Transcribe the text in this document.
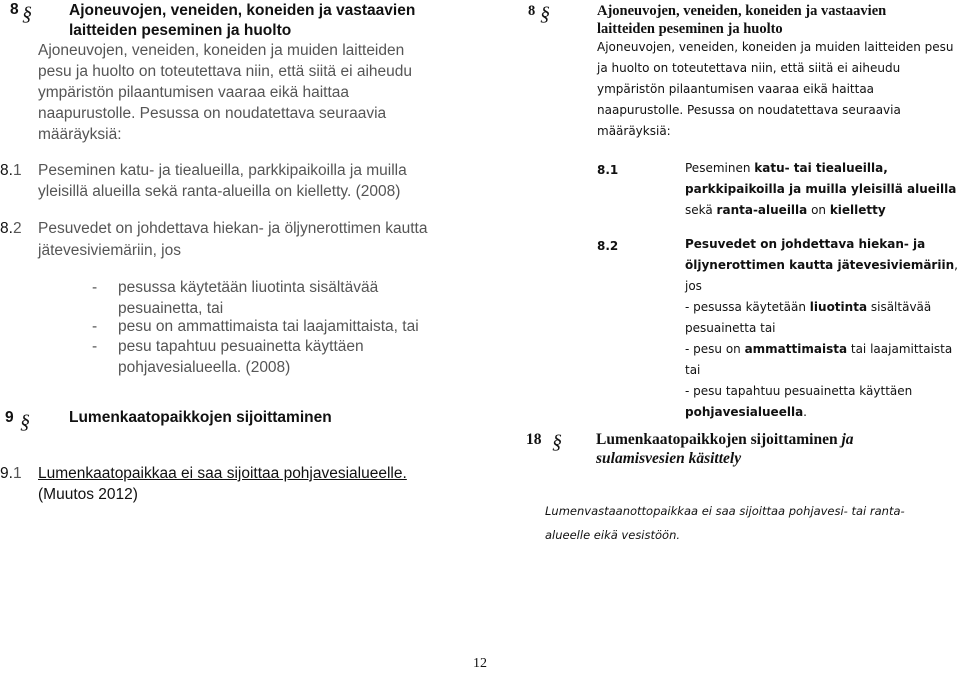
8 § Ajoneuvojen, veneiden, koneiden ja vastaavien
laitteiden peseminen ja huolto
Ajoneuvojen, veneiden, koneiden ja muiden laitteiden
pesu ja huolto on toteutettava niin, että siitä ei aiheudu
ympäristön pilaantumisen vaaraa eikä haittaa
naapurustolle. Pesussa on noudatettava seuraavia
määräyksiä:
8.1 Peseminen katu- ja tiealueilla, parkkipaikoilla ja muilla
yleisillä alueilla sekä ranta-alueilla on kielletty. (2008)
8.2 Pesuvedet on johdettava hiekan- ja öljynerottimen kautta
jätevesiviemäriin, jos
- pesussa käytetään liuotinta sisältävää
pesuainetta, tai
- pesu on ammattimaista tai laajamittaista, tai
- pesu tapahtuu pesuainetta käyttäen
pohjavesialueella. (2008)
9 §	Lumenkaatopaikkojen sijoittaminen
9.1 Lumenkaatopaikkaa ei saa sijoittaa pohjavesialueelle.
(Muutos 2012)
8 §	Ajoneuvojen, veneiden, koneiden ja vastaavien
laitteiden peseminen ja huolto
Ajoneuvojen, veneiden, koneiden ja muiden laitteiden pesu
ja huolto on toteutettava niin, että siitä ei aiheudu
ympäristön pilaantumisen vaaraa eikä haittaa
naapurustolle. Pesussa on noudatettava seuraavia
määräyksiä:
8.1	Peseminen katu- tai tiealueilla,
parkkipaikoilla ja muilla yleisillä alueilla
sekä ranta-alueilla on kielletty
8.2	Pesuvedet on johdettava hiekan- ja
öljynerottimen kautta jätevesiviemäriin, jos
- pesussa käytetään liuotinta sisältävää
pesuainetta tai
- pesu on ammattimaista tai laajamittaista
tai
- pesu tapahtuu pesuainetta käyttäen
pohjavesialueella.
18 § Lumenkaatopaikkojen sijoittaminen ja
sulamisvesien käsittely
Lumenvastaanottopaikkaa ei saa sijoittaa pohjavesi- tai ranta-
alueelle eikä vesistöön.
12
